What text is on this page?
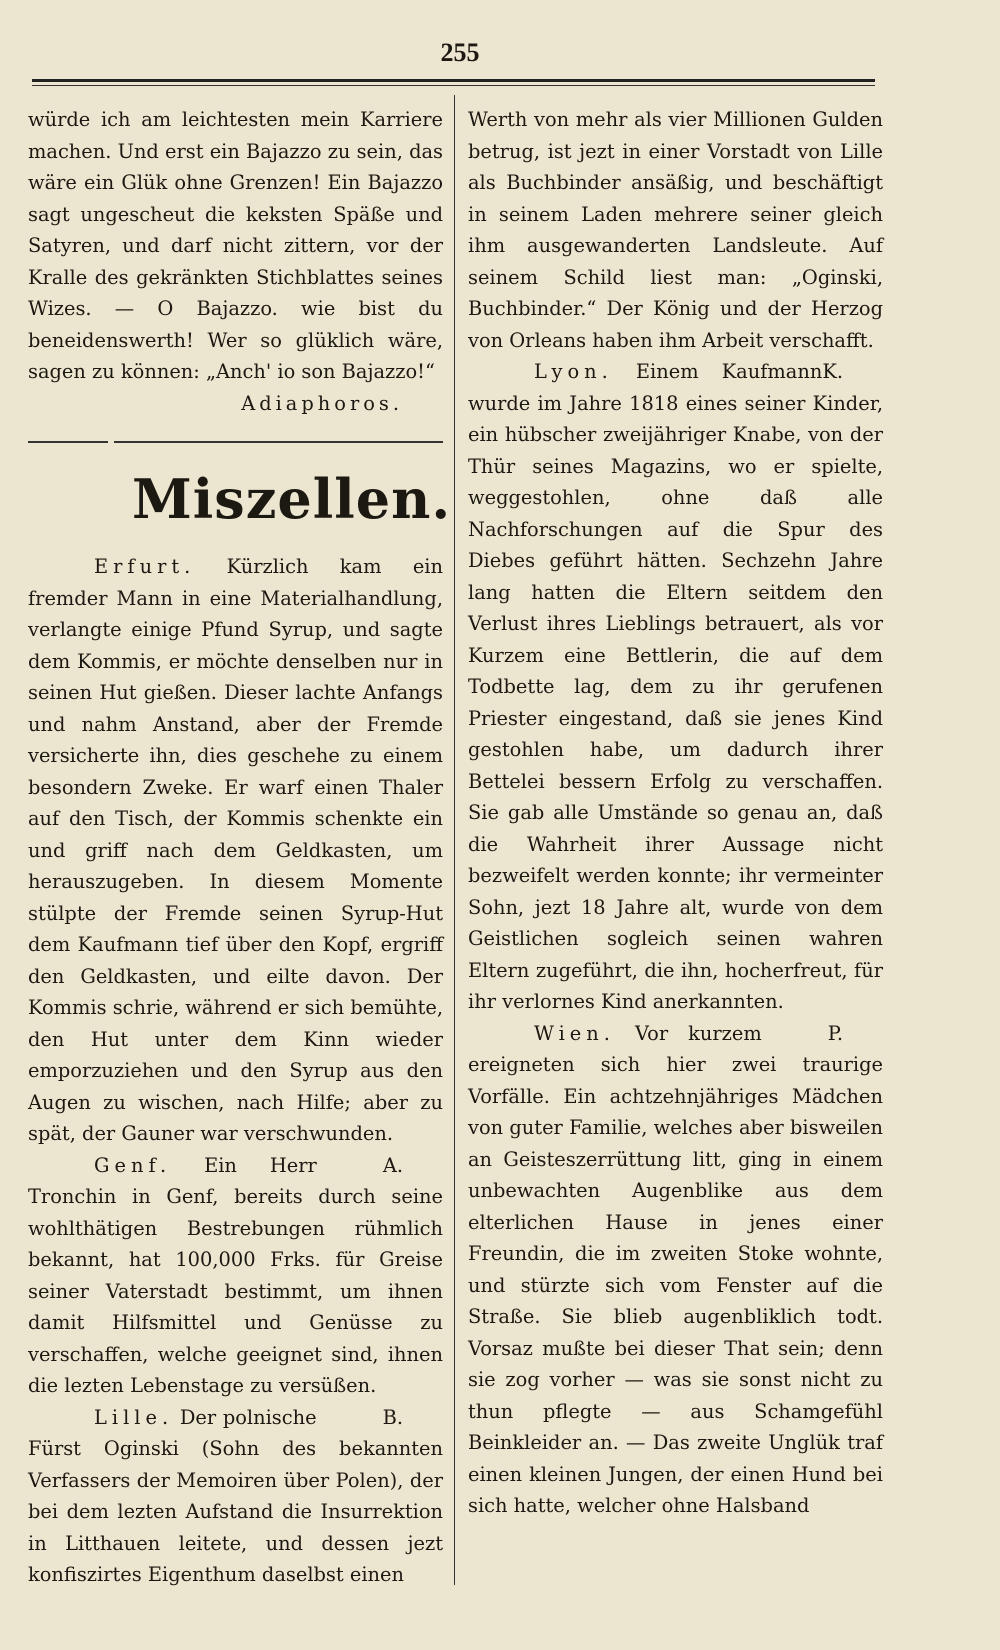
255

würde ich am leichtesten mein Karriere machen. Und erst ein Bajazzo zu sein, das wäre ein Glük ohne Grenzen! Ein Bajazzo sagt ungescheut die keksten Späße und Satyren, und darf nicht zittern, vor der Kralle des gekränkten Stichblattes seines Wizes. — O Bajazzo. wie bist du beneidenswerth! Wer so glüklich wäre, sagen zu können: „Anch' io son Bajazzo!“

Adiaphoros.

Miszellen.

Erfurt. Kürzlich kam ein fremder Mann in eine Materialhandlung, verlangte einige Pfund Syrup, und sagte dem Kommis, er möchte denselben nur in seinen Hut gießen. Dieser lachte Anfangs und nahm Anstand, aber der Fremde versicherte ihn, dies geschehe zu einem besondern Zweke. Er warf einen Thaler auf den Tisch, der Kommis schenkte ein und griff nach dem Geldkasten, um herauszugeben. In diesem Momente stülpte der Fremde seinen Syrup-Hut dem Kaufmann tief über den Kopf, ergriff den Geldkasten, und eilte davon. Der Kommis schrie, während er sich bemühte, den Hut unter dem Kinn wieder emporzuziehen und den Syrup aus den Augen zu wischen, nach Hilfe; aber zu spät, der Gauner war verschwunden.
A.

Genf. Ein Herr Tronchin in Genf, bereits durch seine wohlthätigen Bestrebungen rühmlich bekannt, hat 100,000 Frks. für Greise seiner Vaterstadt bestimmt, um ihnen damit Hilfsmittel und Genüsse zu verschaffen, welche geeignet sind, ihnen die lezten Lebenstage zu versüßen.
B.

Lille. Der polnische Fürst Oginski (Sohn des bekannten Verfassers der Memoiren über Polen), der bei dem lezten Aufstand die Insurrektion in Litthauen leitete, und dessen jezt konfiszirtes Eigenthum daselbst einen

Werth von mehr als vier Millionen Gulden betrug, ist jezt in einer Vorstadt von Lille als Buchbinder ansäßig, und beschäftigt in seinem Laden mehrere seiner gleich ihm ausgewanderten Landsleute. Auf seinem Schild liest man: „Oginski, Buchbinder.“ Der König und der Herzog von Orleans haben ihm Arbeit verschafft.
K.

Lyon. Einem Kaufmann wurde im Jahre 1818 eines seiner Kinder, ein hübscher zweijähriger Knabe, von der Thür seines Magazins, wo er spielte, weggestohlen, ohne daß alle Nachforschungen auf die Spur des Diebes geführt hätten. Sechzehn Jahre lang hatten die Eltern seitdem den Verlust ihres Lieblings betrauert, als vor Kurzem eine Bettlerin, die auf dem Todbette lag, dem zu ihr gerufenen Priester eingestand, daß sie jenes Kind gestohlen habe, um dadurch ihrer Bettelei bessern Erfolg zu verschaffen. Sie gab alle Umstände so genau an, daß die Wahrheit ihrer Aussage nicht bezweifelt werden konnte; ihr vermeinter Sohn, jezt 18 Jahre alt, wurde von dem Geistlichen sogleich seinen wahren Eltern zugeführt, die ihn, hocherfreut, für ihr verlornes Kind anerkannten.
P.

Wien. Vor kurzem ereigneten sich hier zwei traurige Vorfälle. Ein achtzehnjähriges Mädchen von guter Familie, welches aber bisweilen an Geisteszerrüttung litt, ging in einem unbewachten Augenblike aus dem elterlichen Hause in jenes einer Freundin, die im zweiten Stoke wohnte, und stürzte sich vom Fenster auf die Straße. Sie blieb augenbliklich todt. Vorsaz mußte bei dieser That sein; denn sie zog vorher — was sie sonst nicht zu thun pflegte — aus Schamgefühl Beinkleider an. — Das zweite Unglük traf einen kleinen Jungen, der einen Hund bei sich hatte, welcher ohne Halsband
